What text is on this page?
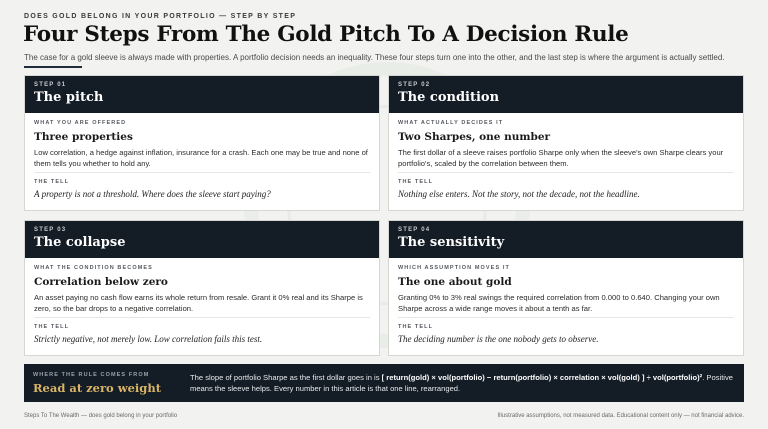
DOES GOLD BELONG IN YOUR PORTFOLIO — STEP BY STEP
Four Steps From The Gold Pitch To A Decision Rule

The case for a gold sleeve is always made with properties. A portfolio decision needs an inequality. These four steps turn one into the other, and the last step is where the argument is actually settled.

STEP 01
The pitch
WHAT YOU ARE OFFERED
Three properties
Low correlation, a hedge against inflation, insurance for a crash. Each one may be true and none of them tells you whether to hold any.
THE TELL
A property is not a threshold. Where does the sleeve start paying?
STEP 02
The condition
WHAT ACTUALLY DECIDES IT
Two Sharpes, one number
The first dollar of a sleeve raises portfolio Sharpe only when the sleeve's own Sharpe clears your portfolio's, scaled by the correlation between them.
THE TELL
Nothing else enters. Not the story, not the decade, not the headline.
STEP 03
The collapse
WHAT THE CONDITION BECOMES
Correlation below zero
An asset paying no cash flow earns its whole return from resale. Grant it 0% real and its Sharpe is zero, so the bar drops to a negative correlation.
THE TELL
Strictly negative, not merely low. Low correlation fails this test.
STEP 04
The sensitivity
WHICH ASSUMPTION MOVES IT
The one about gold
Granting 0% to 3% real swings the required correlation from 0.000 to 0.640. Changing your own Sharpe across a wide range moves it about a tenth as far.
THE TELL
The deciding number is the one nobody gets to observe.
WHERE THE RULE COMES FROM
Read at zero weight
The slope of portfolio Sharpe as the first dollar goes in is [ return(gold) × vol(portfolio) − return(portfolio) × correlation × vol(gold) ] ÷ vol(portfolio)². Positive means the sleeve helps. Every number in this article is that one line, rearranged.
Steps To The Wealth — does gold belong in your portfolio	Illustrative assumptions, not measured data. Educational content only — not financial advice.
